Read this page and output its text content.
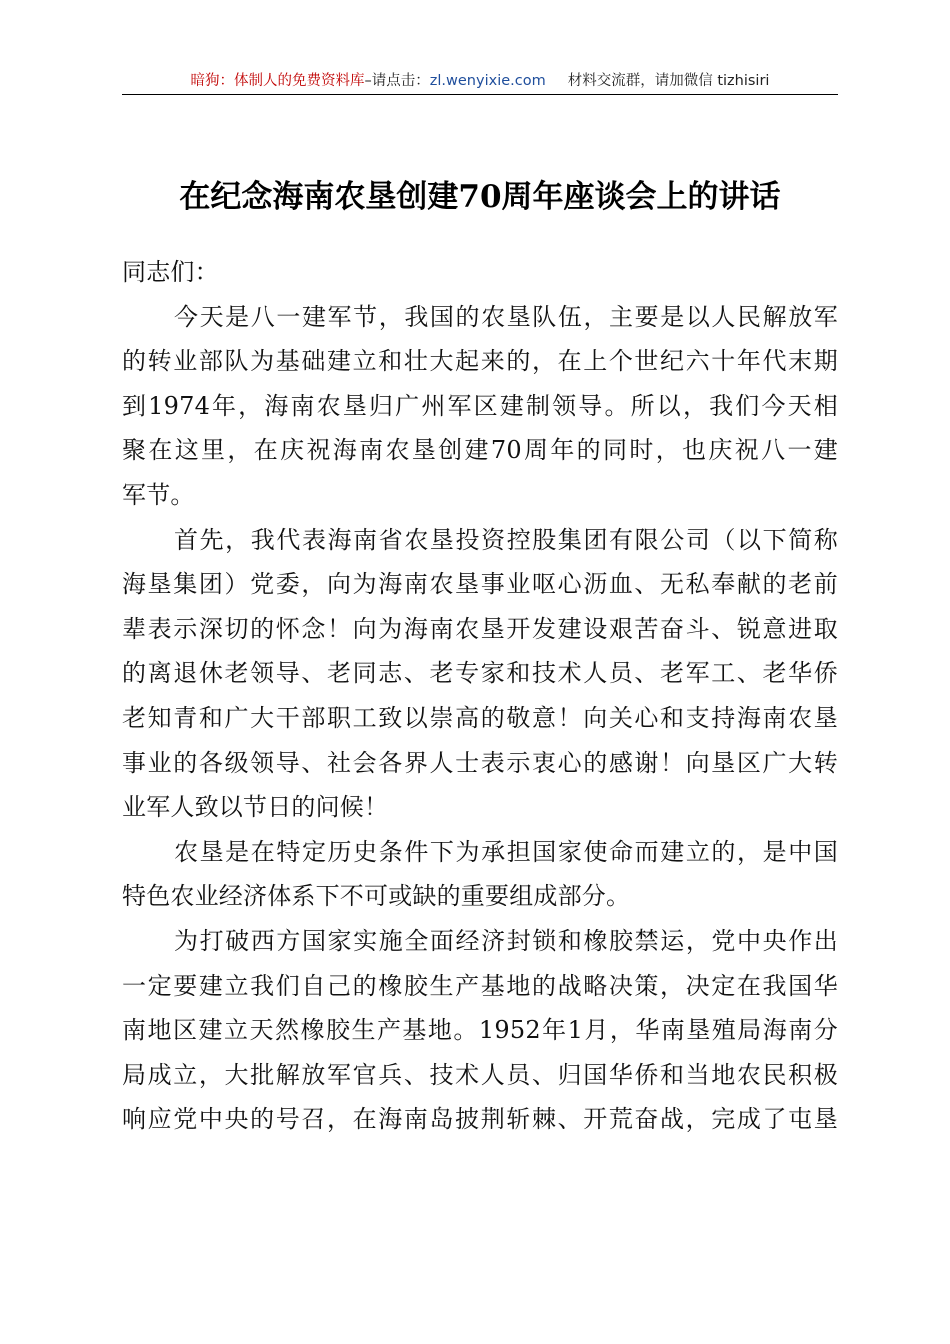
暗狗：体制人的免费资料库–请点击：zl.wenyixie.com 材料交流群，请加微信 tizhisiri
在纪念海南农垦创建70周年座谈会上的讲话
同志们：
今天是八一建军节，我国的农垦队伍，主要是以人民解放军
的转业部队为基础建立和壮大起来的，在上个世纪六十年代末期
到1974年，海南农垦归广州军区建制领导。所以，我们今天相
聚在这里，在庆祝海南农垦创建70周年的同时，也庆祝八一建
军节。
首先，我代表海南省农垦投资控股集团有限公司（以下简称
海垦集团）党委，向为海南农垦事业呕心沥血、无私奉献的老前
辈表示深切的怀念！向为海南农垦开发建设艰苦奋斗、锐意进取
的离退休老领导、老同志、老专家和技术人员、老军工、老华侨
老知青和广大干部职工致以崇高的敬意！向关心和支持海南农垦
事业的各级领导、社会各界人士表示衷心的感谢！向垦区广大转
业军人致以节日的问候！
农垦是在特定历史条件下为承担国家使命而建立的，是中国
特色农业经济体系下不可或缺的重要组成部分。
为打破西方国家实施全面经济封锁和橡胶禁运，党中央作出
一定要建立我们自己的橡胶生产基地的战略决策，决定在我国华
南地区建立天然橡胶生产基地。1952年1月，华南垦殖局海南分
局成立，大批解放军官兵、技术人员、归国华侨和当地农民积极
响应党中央的号召，在海南岛披荆斩棘、开荒奋战，完成了屯垦
